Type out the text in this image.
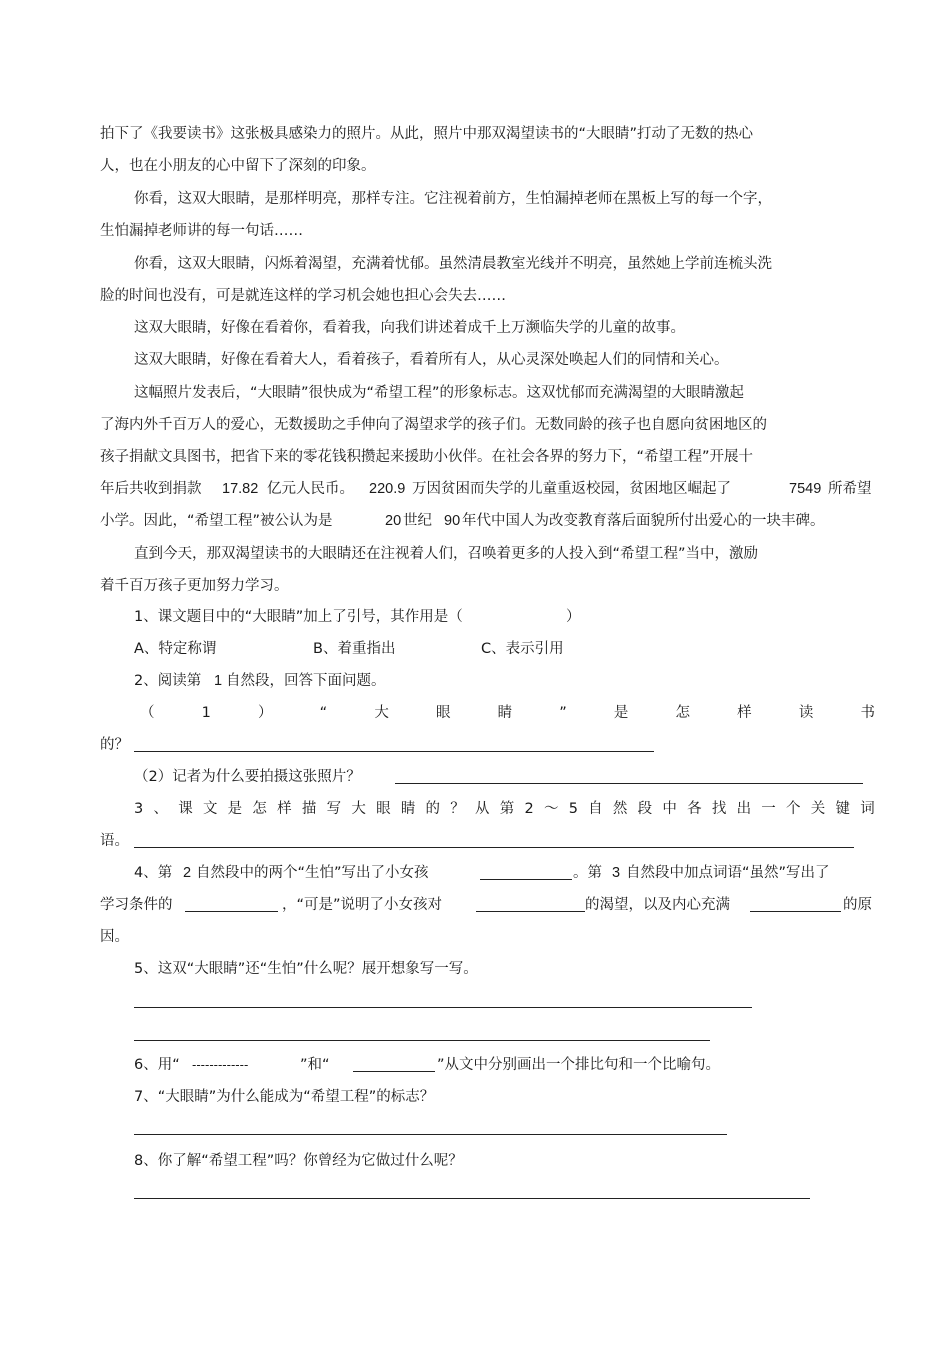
拍下了《我要读书》这张极具感染力的照片。从此，照片中那双渴望读书的“大眼睛”打动了无数的热心
人，也在小朋友的心中留下了深刻的印象。
你看，这双大眼睛，是那样明亮，那样专注。它注视着前方，生怕漏掉老师在黑板上写的每一个字，
生怕漏掉老师讲的每一句话……
你看，这双大眼睛，闪烁着渴望，充满着忧郁。虽然清晨教室光线并不明亮，虽然她上学前连梳头洗
脸的时间也没有，可是就连这样的学习机会她也担心会失去……
这双大眼睛，好像在看着你，看着我，向我们讲述着成千上万濒临失学的儿童的故事。
这双大眼睛，好像在看着大人，看着孩子，看着所有人，从心灵深处唤起人们的同情和关心。
这幅照片发表后，“大眼睛”很快成为“希望工程”的形象标志。这双忧郁而充满渴望的大眼睛激起
了海内外千百万人的爱心，无数援助之手伸向了渴望求学的孩子们。无数同龄的孩子也自愿向贫困地区的
孩子捐献文具图书，把省下来的零花钱积攒起来援助小伙伴。在社会各界的努力下，“希望工程”开展十
年后共收到捐款 17.82 亿元人民币。 220.9 万因贫困而失学的儿童重返校园，贫困地区崛起了	7549 所希望
小学。因此，“希望工程”被公认为是	20 世纪 90 年代中国人为改变教育落后面貌所付出爱心的一块丰碑。
直到今天，那双渴望读书的大眼睛还在注视着人们，召唤着更多的人投入到“希望工程”当中，激励
着千百万孩子更加努力学习。
1、课文题目中的“大眼睛”加上了引号，其作用是（	）
A、特定称谓	B、着重指出	C、表示引用
2、阅读第 1 自然段，回答下面问题。
（	1	）	“	大	眼	睛	”	是	怎	样	读	书
的？
（2）记者为什么要拍摄这张照片？
3 、 课 文 是 怎 样 描 写 大 眼 睛 的 ？ 从 第 2 ～ 5 自 然 段 中 各 找 出 一 个 关 键 词
语。
4、第 2 自然段中的两个“生怕”写出了小女孩	。第 3 自然段中加点词语“虽然”写出了
学习条件的	，“可是”说明了小女孩对	的渴望，以及内心充满	的原
因。
5、这双“大眼睛”还“生怕”什么呢？展开想象写一写。
6、用“ -------------	”和“	”从文中分别画出一个排比句和一个比喻句。
7、“大眼睛”为什么能成为“希望工程”的标志？
8、你了解“希望工程”吗？你曾经为它做过什么呢？
